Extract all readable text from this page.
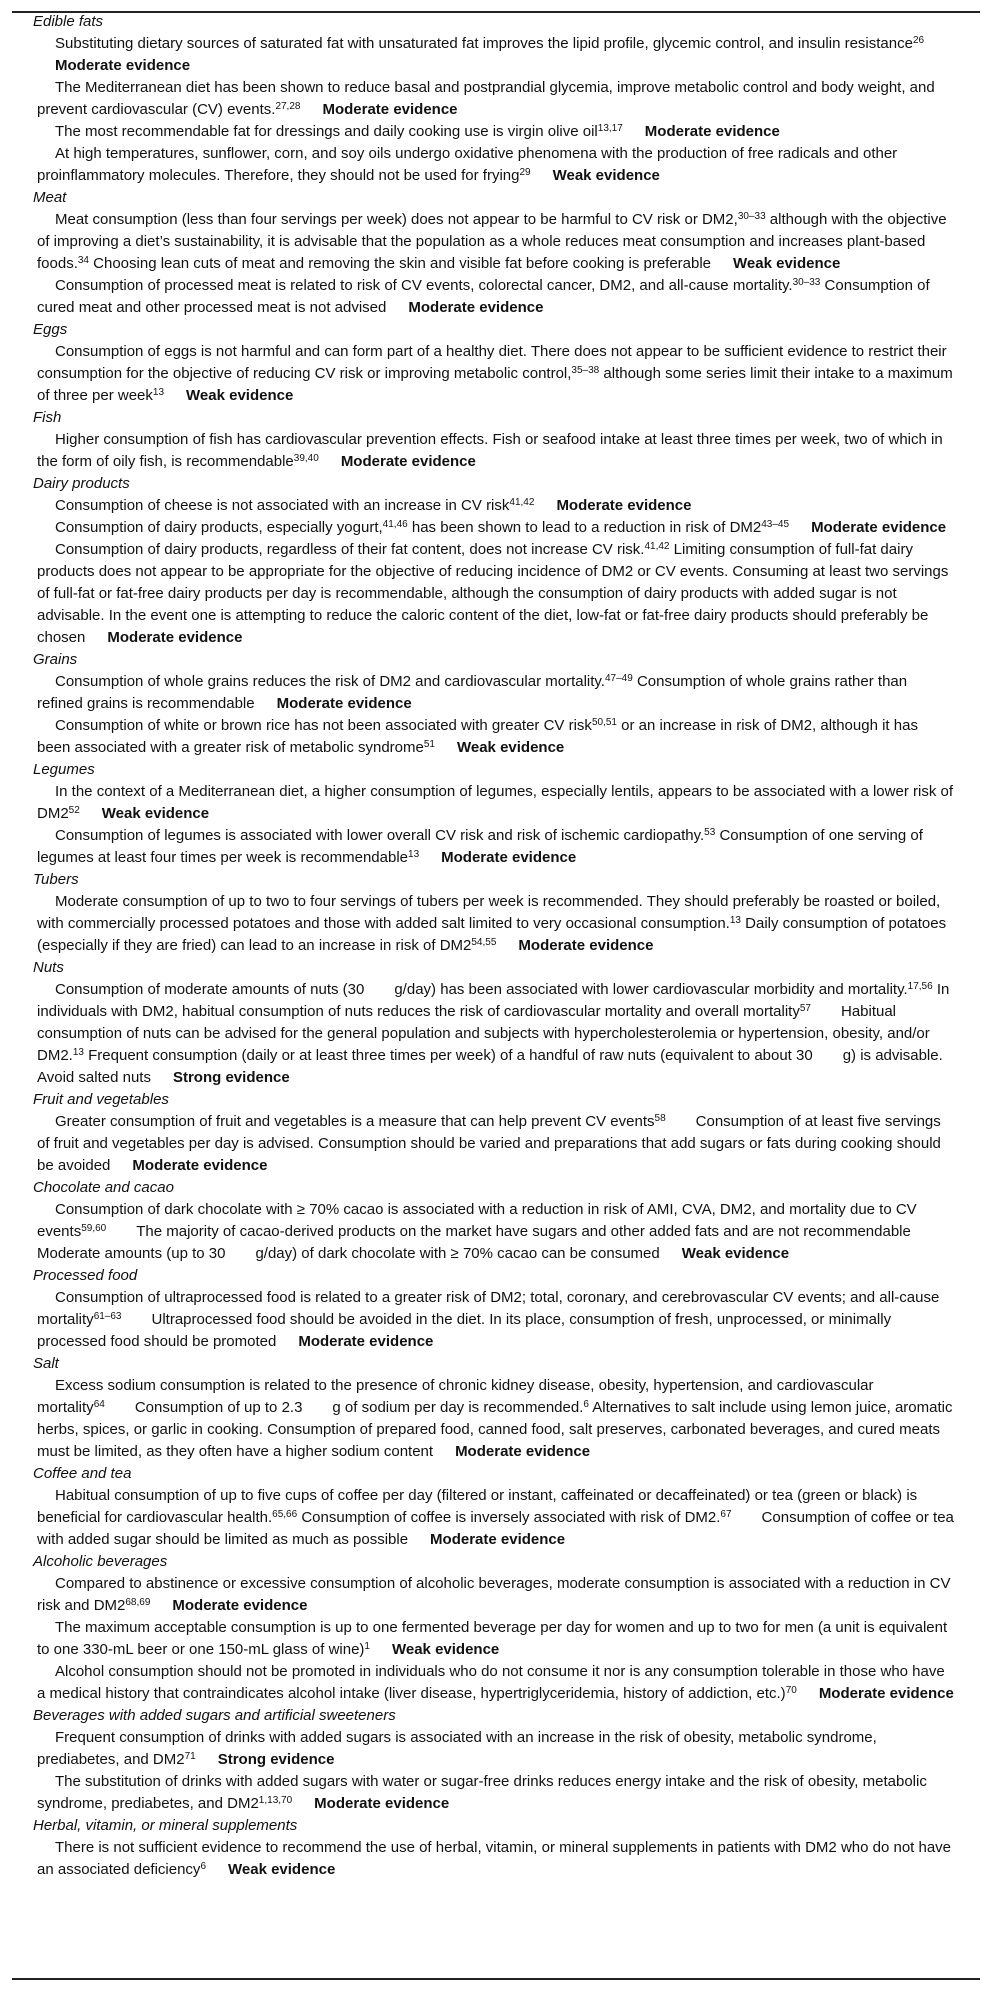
Edible fats

Substituting dietary sources of saturated fat with unsaturated fat improves the lipid profile, glycemic control, and insulin resistance$^{26}$

Moderate evidence

The Mediterranean diet has been shown to reduce basal and postprandial glycemia, improve metabolic control and body weight, and prevent cardiovascular (CV) events.$^{27,28}$ Moderate evidence

The most recommendable fat for dressings and daily cooking use is virgin olive oil$^{13,17}$ Moderate evidence

At high temperatures, sunflower, corn, and soy oils undergo oxidative phenomena with the production of free radicals and other proinflammatory molecules. Therefore, they should not be used for frying$^{29}$ Weak evidence

Meat

Meat consumption (less than four servings per week) does not appear to be harmful to CV risk or DM2,$^{30-33}$ although with the objective of improving a diet’s sustainability, it is advisable that the population as a whole reduces meat consumption and increases plant-based foods.$^{34}$ Choosing lean cuts of meat and removing the skin and visible fat before cooking is preferable Weak evidence

Consumption of processed meat is related to risk of CV events, colorectal cancer, DM2, and all-cause mortality.$^{30-33}$ Consumption of cured meat and other processed meat is not advised Moderate evidence

Eggs

Consumption of eggs is not harmful and can form part of a healthy diet. There does not appear to be sufficient evidence to restrict their consumption for the objective of reducing CV risk or improving metabolic control,$^{35-38}$ although some series limit their intake to a maximum of three per week$^{13}$ Weak evidence

Fish

Higher consumption of fish has cardiovascular prevention effects. Fish or seafood intake at least three times per week, two of which in the form of oily fish, is recommendable$^{39,40}$ Moderate evidence

Dairy products

Consumption of cheese is not associated with an increase in CV risk$^{41,42}$ Moderate evidence

Consumption of dairy products, especially yogurt,$^{41,46}$ has been shown to lead to a reduction in risk of DM2$^{43-45}$ Moderate evidence

Consumption of dairy products, regardless of their fat content, does not increase CV risk.$^{41,42}$ Limiting consumption of full-fat dairy products does not appear to be appropriate for the objective of reducing incidence of DM2 or CV events. Consuming at least two servings of full-fat or fat-free dairy products per day is recommendable, although the consumption of dairy products with added sugar is not advisable. In the event one is attempting to reduce the caloric content of the diet, low-fat or fat-free dairy products should preferably be chosen Moderate evidence

Grains

Consumption of whole grains reduces the risk of DM2 and cardiovascular mortality.$^{47-49}$ Consumption of whole grains rather than refined grains is recommendable Moderate evidence

Consumption of white or brown rice has not been associated with greater CV risk$^{50,51}$ or an increase in risk of DM2, although it has been associated with a greater risk of metabolic syndrome$^{51}$ Weak evidence

Legumes

In the context of a Mediterranean diet, a higher consumption of legumes, especially lentils, appears to be associated with a lower risk of $DM2^{52}$ Weak evidence

Consumption of legumes is associated with lower overall CV risk and risk of ischemic cardiopathy.$^{53}$ Consumption of one serving of legumes at least four times per week is recommendable$^{13}$ Moderate evidence

Tubers

Moderate consumption of up to two to four servings of tubers per week is recommended. They should preferably be roasted or boiled, with commercially processed potatoes and those with added salt limited to very occasional consumption.$^{13}$ Daily consumption of potatoes (especially if they are fried) can lead to an increase in risk of DM2$^{54,55}$ Moderate evidence

Nuts

Consumption of moderate amounts of nuts (30  g/day) has been associated with lower cardiovascular morbidity and mortality.$^{17,56}$ In individuals with DM2, habitual consumption of nuts reduces the risk of cardiovascular mortality and overall mortality$^{57}$  Habitual consumption of nuts can be advised for the general population and subjects with hypercholesterolemia or hypertension, obesity, and/or DM2.13 Frequent consumption (daily or at least three times per week) of a handful of raw nuts (equivalent to about 30  g) is advisable. Avoid salted nuts Strong evidence

Fruit and vegetables

Greater consumption of fruit and vegetables is a measure that can help prevent CV events$^{58}$  Consumption of at least five servings of fruit and vegetables per day is advised. Consumption should be varied and preparations that add sugars or fats during cooking should be avoided Moderate evidence

Chocolate and cacao

Consumption of dark chocolate with ≥ 70% cacao is associated with a reduction in risk of AMI, CVA, DM2, and mortality due to CV events$^{59,60}$  The majority of cacao-derived products on the market have sugars and other added fats and are not recommendable  Moderate amounts (up to 30  g/day) of dark chocolate with ≥ 70% cacao can be consumed Weak evidence

Processed food

Consumption of ultraprocessed food is related to a greater risk of DM2; total, coronary, and cerebrovascular CV events; and all-cause mortality$^{61-63}$  Ultraprocessed food should be avoided in the diet. In its place, consumption of fresh, unprocessed, or minimally processed food should be promoted Moderate evidence

Salt

Excess sodium consumption is related to the presence of chronic kidney disease, obesity, hypertension, and cardiovascular mortality$^{64}$  Consumption of up to 2.3  g of sodium per day is recommended.$^6$ Alternatives to salt include using lemon juice, aromatic herbs, spices, or garlic in cooking. Consumption of prepared food, canned food, salt preserves, carbonated beverages, and cured meats must be limited, as they often have a higher sodium content Moderate evidence

Coffee and tea

Habitual consumption of up to five cups of coffee per day (filtered or instant, caffeinated or decaffeinated) or tea (green or black) is beneficial for cardiovascular health.$^{65,66}$ Consumption of coffee is inversely associated with risk of DM2.67  Consumption of coffee or tea with added sugar should be limited as much as possible Moderate evidence

Alcoholic beverages

Compared to abstinence or excessive consumption of alcoholic beverages, moderate consumption is associated with a reduction in CV risk and DM2$^{68,69}$ Moderate evidence

The maximum acceptable consumption is up to one fermented beverage per day for women and up to two for men (a unit is equivalent to one 330-mL beer or one 150-mL glass of wine)$^1$ Weak evidence

Alcohol consumption should not be promoted in individuals who do not consume it nor is any consumption tolerable in those who have a medical history that contraindicates alcohol intake (liver disease, hypertriglyceridemia, history of addiction, etc.)$^{70}$ Moderate evidence

Beverages with added sugars and artificial sweeteners

Frequent consumption of drinks with added sugars is associated with an increase in the risk of obesity, metabolic syndrome, prediabetes, and $DM2^{71}$ Strong evidence

The substitution of drinks with added sugars with water or sugar-free drinks reduces energy intake and the risk of obesity, metabolic syndrome, prediabetes, and DM2$^{1,13,70}$ Moderate evidence

Herbal, vitamin, or mineral supplements

There is not sufficient evidence to recommend the use of herbal, vitamin, or mineral supplements in patients with DM2 who do not have an associated deficiency$^6$ Weak evidence
